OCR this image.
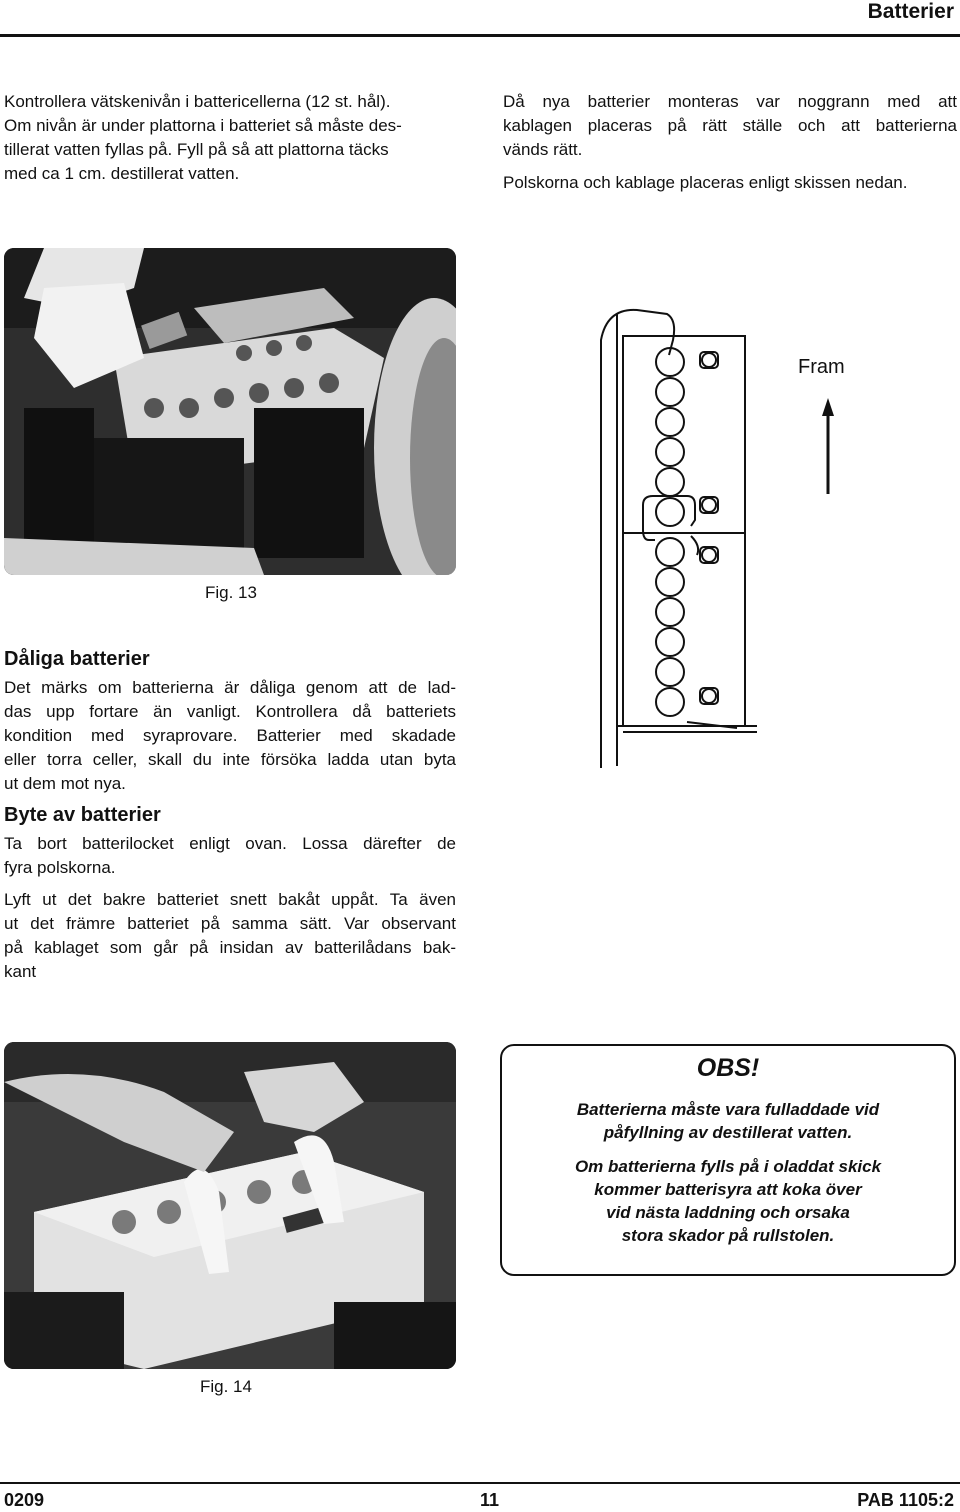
Batterier
Kontrollera vätskenivån i battericellerna (12 st. hål).
Om nivån är under plattorna i batteriet så måste des-
tillerat vatten fyllas på. Fyll på så att plattorna täcks
med ca 1 cm. destillerat vatten.
Då nya batterier monteras var noggrann med att
kablagen placeras på rätt ställe och att batterierna
vänds rätt.
Polskorna och kablage placeras enligt skissen nedan.
Fig. 13
Fram
Dåliga batterier
Det märks om batterierna är dåliga genom att de lad-
das upp fortare än vanligt. Kontrollera då batteriets
kondition med syraprovare. Batterier med skadade
eller torra celler, skall du inte försöka ladda utan byta
ut dem mot nya.
Byte av batterier
Ta bort batterilocket enligt ovan. Lossa därefter de
fyra polskorna.
Lyft ut det bakre batteriet snett bakåt uppåt. Ta även
ut det främre batteriet på samma sätt. Var observant
på kablaget som går på insidan av batterilådans bak-
kant
Fig. 14
OBS!
Batterierna måste vara fulladdade vid
påfyllning av destillerat vatten.
Om batterierna fylls på i oladdat skick
kommer batterisyra att koka över
vid nästa laddning och orsaka
stora skador på rullstolen.
0209	11	PAB 1105:2
